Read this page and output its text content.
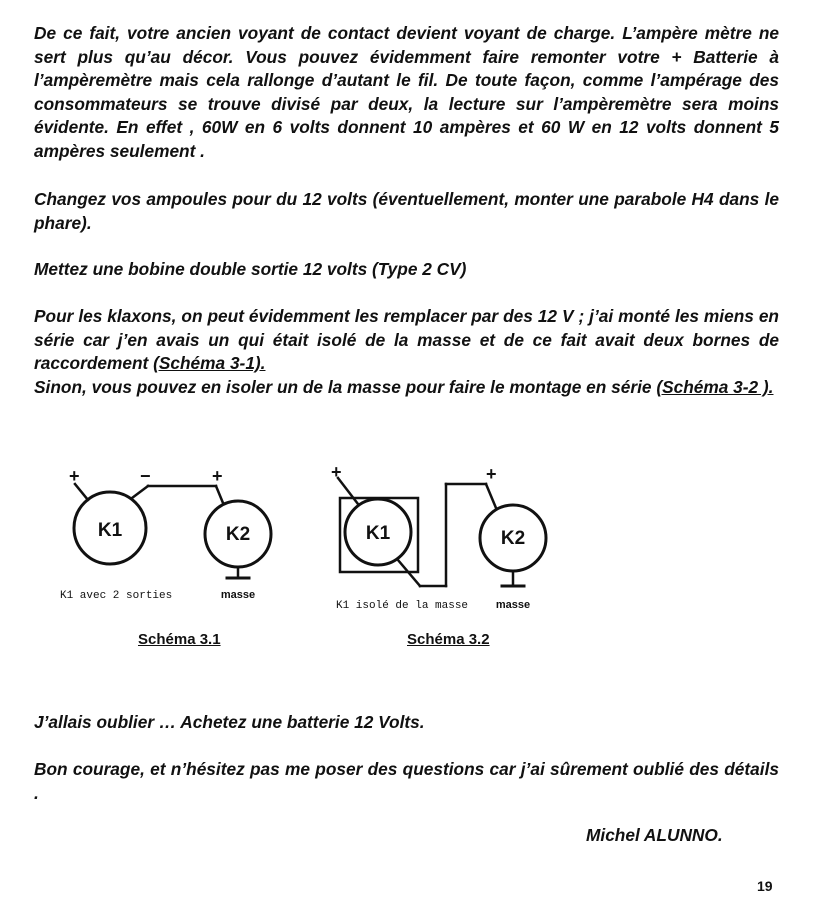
De ce fait, votre ancien voyant de contact devient voyant de charge. L’ampère mètre ne sert plus qu’au décor. Vous pouvez évidemment faire remonter votre + Batterie à l’ampèremètre mais cela rallonge d’autant le fil. De toute façon, comme l’ampérage des consommateurs se trouve divisé par deux, la lecture sur l’ampèremètre sera moins évidente. En effet , 60W en 6 volts donnent 10 ampères et 60 W en 12 volts donnent 5 ampères seulement .

Changez vos ampoules pour du 12 volts (éventuellement, monter une parabole H4 dans le phare).

Mettez une bobine double sortie 12 volts (Type 2 CV)

Pour les klaxons, on peut évidemment les remplacer par des 12 V ; j’ai monté les miens en série car j’en avais un qui était isolé de la masse et de ce fait avait deux bornes de raccordement (Schéma 3-1).

Sinon, vous pouvez en isoler un de la masse pour faire le montage en série (Schéma 3-2 ).

+	−	+
K1	K2
K1 avec 2 sorties	masse
+	+
K1	K2
K1 isolé de la masse	masse
Schéma 3.1	Schéma 3.2

J’allais oublier … Achetez une batterie 12 Volts.

Bon courage, et n’hésitez pas me poser des questions car j’ai sûrement oublié des détails .

Michel ALUNNO.
19
